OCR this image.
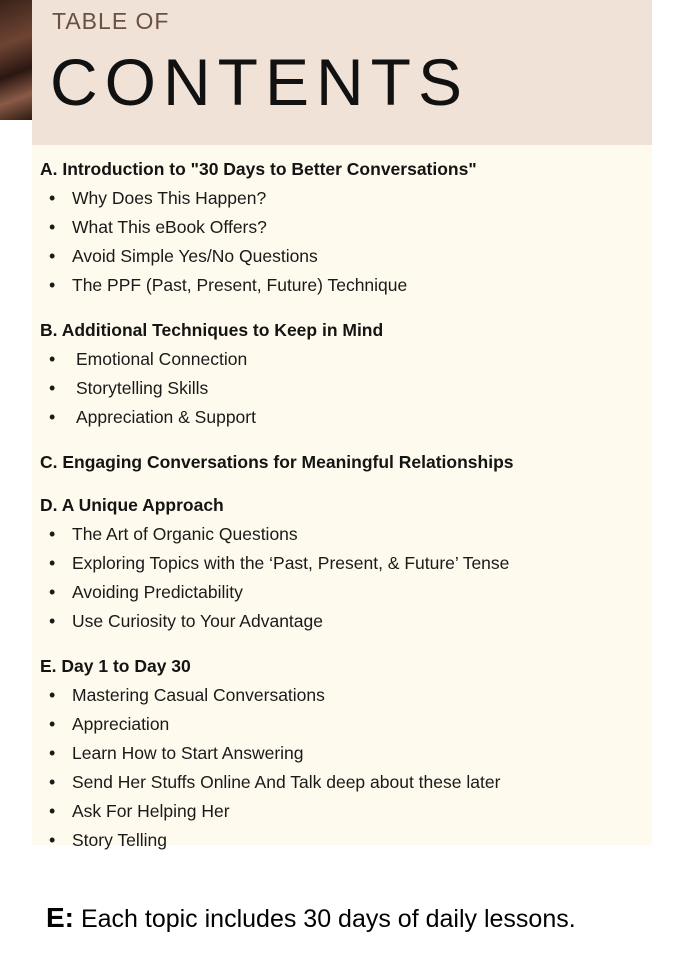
TABLE OF
CONTENTS
A. Introduction to "30 Days to Better Conversations"
• Why Does This Happen?
• What This eBook Offers?
• Avoid Simple Yes/No Questions
• The PPF (Past, Present, Future) Technique
B. Additional Techniques to Keep in Mind
• Emotional Connection
• Storytelling Skills
• Appreciation & Support
C. Engaging Conversations for Meaningful Relationships
D. A Unique Approach
• The Art of Organic Questions
• Exploring Topics with the ‘Past, Present, & Future’ Tense
• Avoiding Predictability
• Use Curiosity to Your Advantage
E. Day 1 to Day 30
• Mastering Casual Conversations
• Appreciation
• Learn How to Start Answering
• Send Her Stuffs Online And Talk deep about these later
• Ask For Helping Her
• Story Telling
E: Each topic includes 30 days of daily lessons.
